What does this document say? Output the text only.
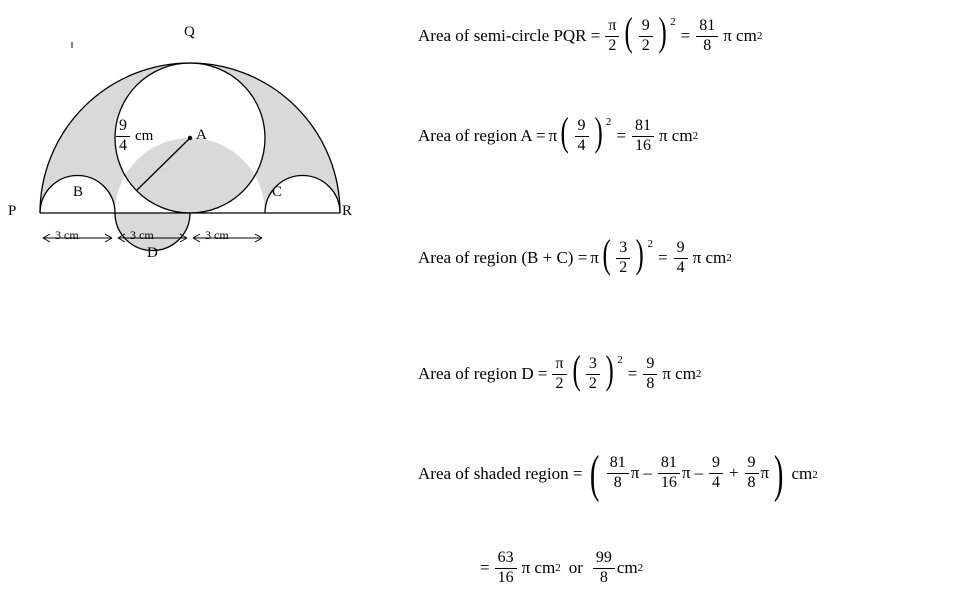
Q
P	R
A
B	C
D
$\frac{9}{4}$ cm
3 cm	3 cm	3 cm
Area of semi-circle PQR = $\frac{\pi}{2}$ ( $\frac{9}{2}$ ) 2
= $\frac{81}{8}$ π cm 2
Area of region A = π ( $\frac{9}{4}$ ) 2
= $\frac{81}{16}$ π cm 2
Area of region (B + C) = π ( $\frac{3}{2}$ ) 2
= $\frac{9}{4}$ π cm 2
Area of region $D = \frac{\pi}{2}$ ( $\frac{3}{2}$ ) 2
= $\frac{9}{8}$ π cm 2
Area of shaded region = ( $\frac{81}{8}$ π – $\frac{81}{16}$ $\pi - \frac{9}{4} + \frac{9}{8}$ π ) cm 2
= $\frac{63}{16}$ π cm 2 or $\frac{99}{8}$ cm 2
